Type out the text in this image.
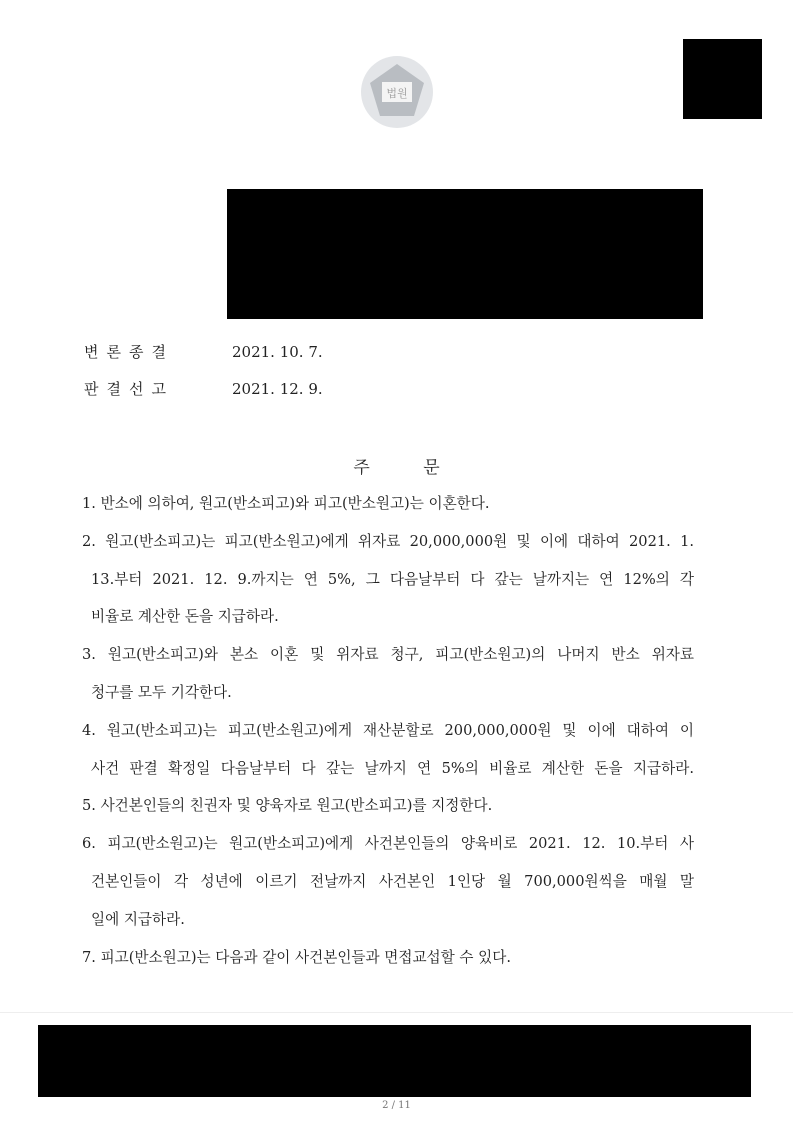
법원
변론종결	2021. 10. 7.
판결선고	2021. 12. 9.
주 문
1. 반소에 의하여, 원고(반소피고)와 피고(반소원고)는 이혼한다.
2. 원고(반소피고)는 피고(반소원고)에게 위자료 20,000,000원 및 이에 대하여 2021. 1.
13.부터 2021. 12. 9.까지는 연 5%, 그 다음날부터 다 갚는 날까지는 연 12%의 각
비율로 계산한 돈을 지급하라.
3. 원고(반소피고)와 본소 이혼 및 위자료 청구, 피고(반소원고)의 나머지 반소 위자료
청구를 모두 기각한다.
4. 원고(반소피고)는 피고(반소원고)에게 재산분할로 200,000,000원 및 이에 대하여 이
사건 판결 확정일 다음날부터 다 갚는 날까지 연 5%의 비율로 계산한 돈을 지급하라.
5. 사건본인들의 친권자 및 양육자로 원고(반소피고)를 지정한다.
6. 피고(반소원고)는 원고(반소피고)에게 사건본인들의 양육비로 2021. 12. 10.부터 사
건본인들이 각 성년에 이르기 전날까지 사건본인 1인당 월 700,000원씩을 매월 말
일에 지급하라.
7. 피고(반소원고)는 다음과 같이 사건본인들과 면접교섭할 수 있다.
2 / 11
